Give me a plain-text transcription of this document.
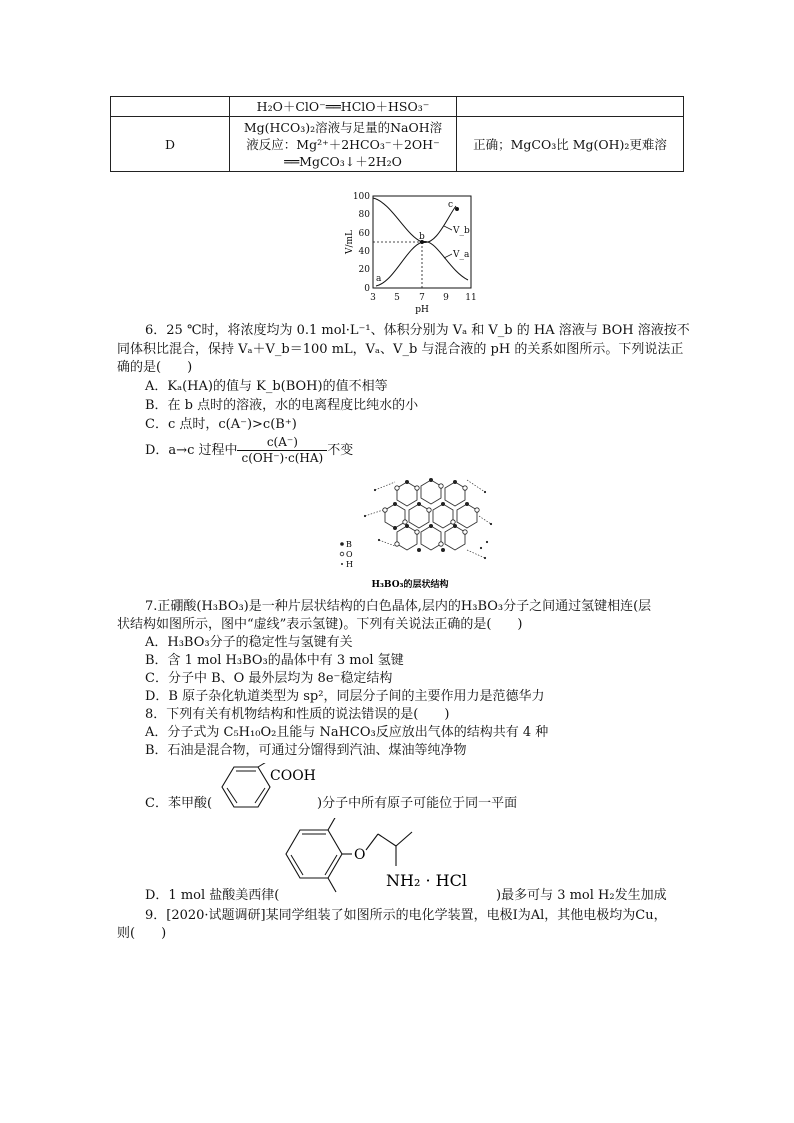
	H₂O＋ClO⁻══HClO＋HSO₃⁻	
D	Mg(HCO₃)₂溶液与足量的NaOH溶
液反应：Mg²⁺＋2HCO₃⁻＋2OH⁻
══MgCO₃↓＋2H₂O	正确；MgCO₃比 Mg(OH)₂更难溶
100
80
60
40
20
0
3 5 7 9 11
pH
V/mL
a
b
c
V_b
V_a
6．25 ℃时，将浓度均为 0.1 mol·L⁻¹、体积分别为 Vₐ 和 V_b 的 HA 溶液与 BOH 溶液按不
同体积比混合，保持 Vₐ＋V_b＝100 mL，Vₐ、V_b 与混合液的 pH 的关系如图所示。下列说法正
确的是(　　)
A．Kₐ(HA)的值与 K_b(BOH)的值不相等
B．在 b 点时的溶液，水的电离程度比纯水的小
C．c 点时，c(A⁻)>c(B⁺)
D．a→c 过程中 $\frac{c(A^-)}{c(OH^-)\cdot c(HA)}$ 不变
B
O
H
H₃BO₃的层状结构
7.正硼酸(H₃BO₃)是一种片层状结构的白色晶体,层内的H₃BO₃分子之间通过氢键相连(层
状结构如图所示，图中“虚线”表示氢键)。下列有关说法正确的是(　　)
A．H₃BO₃分子的稳定性与氢键有关
B．含 1 mol H₃BO₃的晶体中有 3 mol 氢键
C．分子中 B、O 最外层均为 8e⁻稳定结构
D．B 原子杂化轨道类型为 sp²，同层分子间的主要作用力是范德华力
8．下列有关有机物结构和性质的说法错误的是(　　)
A．分子式为 C₅H₁₀O₂且能与 NaHCO₃反应放出气体的结构共有 4 种
B．石油是混合物，可通过分馏得到汽油、煤油等纯净物
COOH
C．苯甲酸(	)分子中所有原子可能位于同一平面
O
NH₂ · HCl
D．1 mol 盐酸美西律(	)最多可与 3 mol H₂发生加成
9．[2020·试题调研]某同学组装了如图所示的电化学装置，电极Ⅰ为Al，其他电极均为Cu，
则(　　)
